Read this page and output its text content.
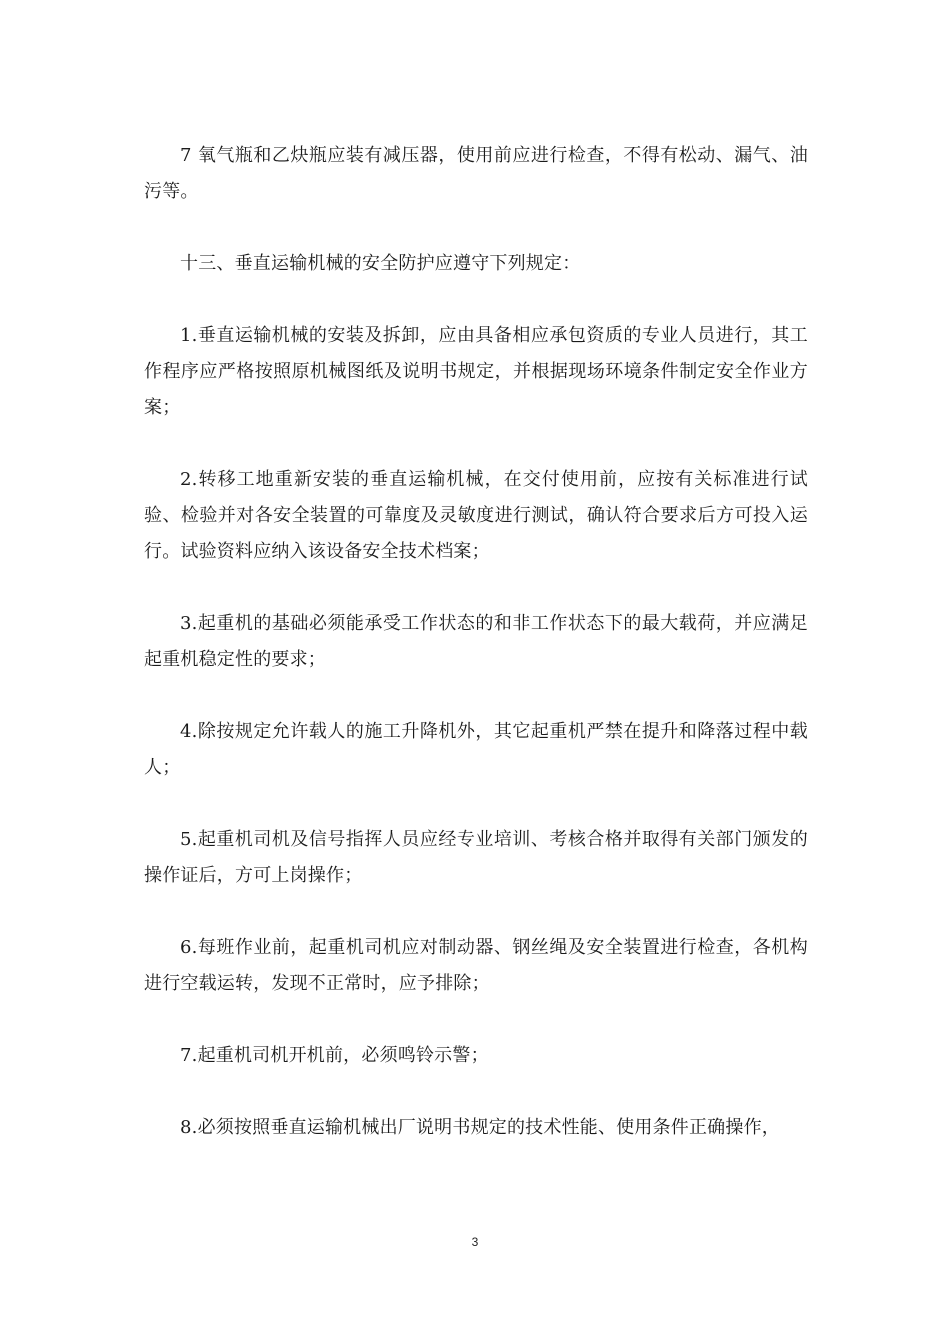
7 氧气瓶和乙炔瓶应装有减压器，使用前应进行检查，不得有松动、漏气、油污等。

十三、垂直运输机械的安全防护应遵守下列规定：

1.垂直运输机械的安装及拆卸，应由具备相应承包资质的专业人员进行，其工作程序应严格按照原机械图纸及说明书规定，并根据现场环境条件制定安全作业方案；

2.转移工地重新安装的垂直运输机械，在交付使用前，应按有关标准进行试验、检验并对各安全装置的可靠度及灵敏度进行测试，确认符合要求后方可投入运行。试验资料应纳入该设备安全技术档案；

3.起重机的基础必须能承受工作状态的和非工作状态下的最大载荷，并应满足起重机稳定性的要求；

4.除按规定允许载人的施工升降机外，其它起重机严禁在提升和降落过程中载人；

5.起重机司机及信号指挥人员应经专业培训、考核合格并取得有关部门颁发的操作证后，方可上岗操作；

6.每班作业前，起重机司机应对制动器、钢丝绳及安全装置进行检查，各机构进行空载运转，发现不正常时，应予排除；

7.起重机司机开机前，必须鸣铃示警；

8.必须按照垂直运输机械出厂说明书规定的技术性能、使用条件正确操作，

3
